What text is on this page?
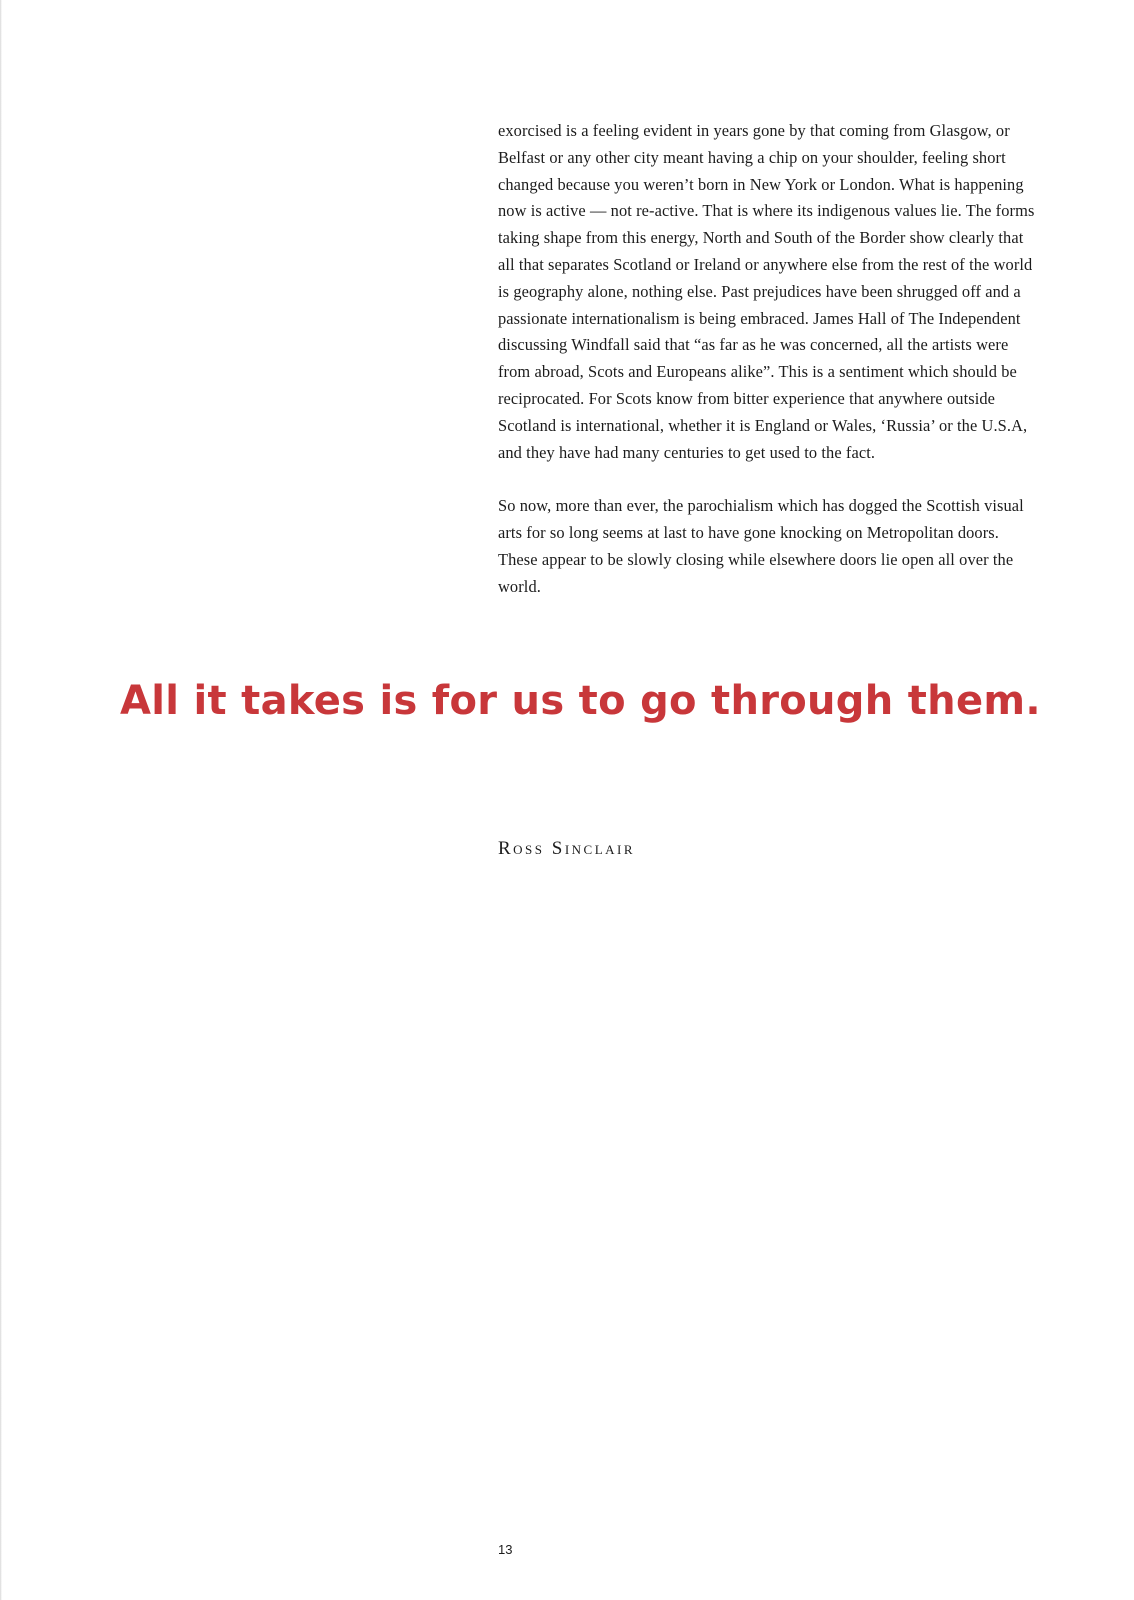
exorcised is a feeling evident in years gone by that coming from Glasgow, or Belfast or any other city meant having a chip on your shoulder, feeling short changed because you weren’t born in New York or London. What is happening now is active — not re-active. That is where its indigenous values lie. The forms taking shape from this energy, North and South of the Border show clearly that all that separates Scotland or Ireland or anywhere else from the rest of the world is geography alone, nothing else. Past prejudices have been shrugged off and a passionate internationalism is being embraced. James Hall of The Independent discussing Windfall said that “as far as he was concerned, all the artists were from abroad, Scots and Europeans alike”. This is a sentiment which should be reciprocated. For Scots know from bitter experience that anywhere outside Scotland is international, whether it is England or Wales, ‘Russia’ or the U.S.A, and they have had many centuries to get used to the fact.

So now, more than ever, the parochialism which has dogged the Scottish visual arts for so long seems at last to have gone knocking on Metropolitan doors. These appear to be slowly closing while elsewhere doors lie open all over the world.

All it takes is for us to go through them.

Ross Sinclair

13
